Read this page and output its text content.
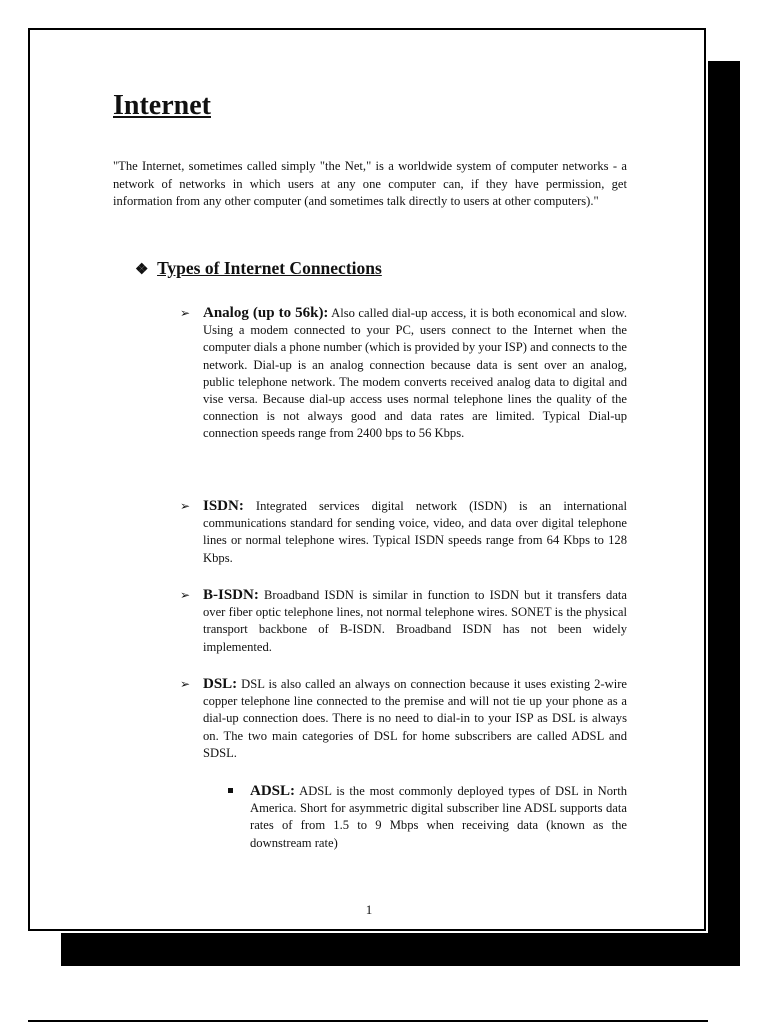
Internet

"The Internet, sometimes called simply "the Net," is a worldwide system of computer networks - a network of networks in which users at any one computer can, if they have permission, get information from any other computer (and sometimes talk directly to users at other computers)."

❖ Types of Internet Connections

➢ Analog (up to 56k): Also called dial-up access, it is both economical and slow. Using a modem connected to your PC, users connect to the Internet when the computer dials a phone number (which is provided by your ISP) and connects to the network. Dial-up is an analog connection because data is sent over an analog, public telephone network. The modem converts received analog data to digital and vise versa. Because dial-up access uses normal telephone lines the quality of the connection is not always good and data rates are limited. Typical Dial-up connection speeds range from 2400 bps to 56 Kbps.

➢ ISDN: Integrated services digital network (ISDN) is an international communications standard for sending voice, video, and data over digital telephone lines or normal telephone wires. Typical ISDN speeds range from 64 Kbps to 128 Kbps.

➢ B-ISDN: Broadband ISDN is similar in function to ISDN but it transfers data over fiber optic telephone lines, not normal telephone wires. SONET is the physical transport backbone of B-ISDN. Broadband ISDN has not been widely implemented.

➢ DSL: DSL is also called an always on connection because it uses existing 2-wire copper telephone line connected to the premise and will not tie up your phone as a dial-up connection does. There is no need to dial-in to your ISP as DSL is always on. The two main categories of DSL for home subscribers are called ADSL and SDSL.

ADSL: ADSL is the most commonly deployed types of DSL in North America. Short for asymmetric digital subscriber line ADSL supports data rates of from 1.5 to 9 Mbps when receiving data (known as the downstream rate)

1
